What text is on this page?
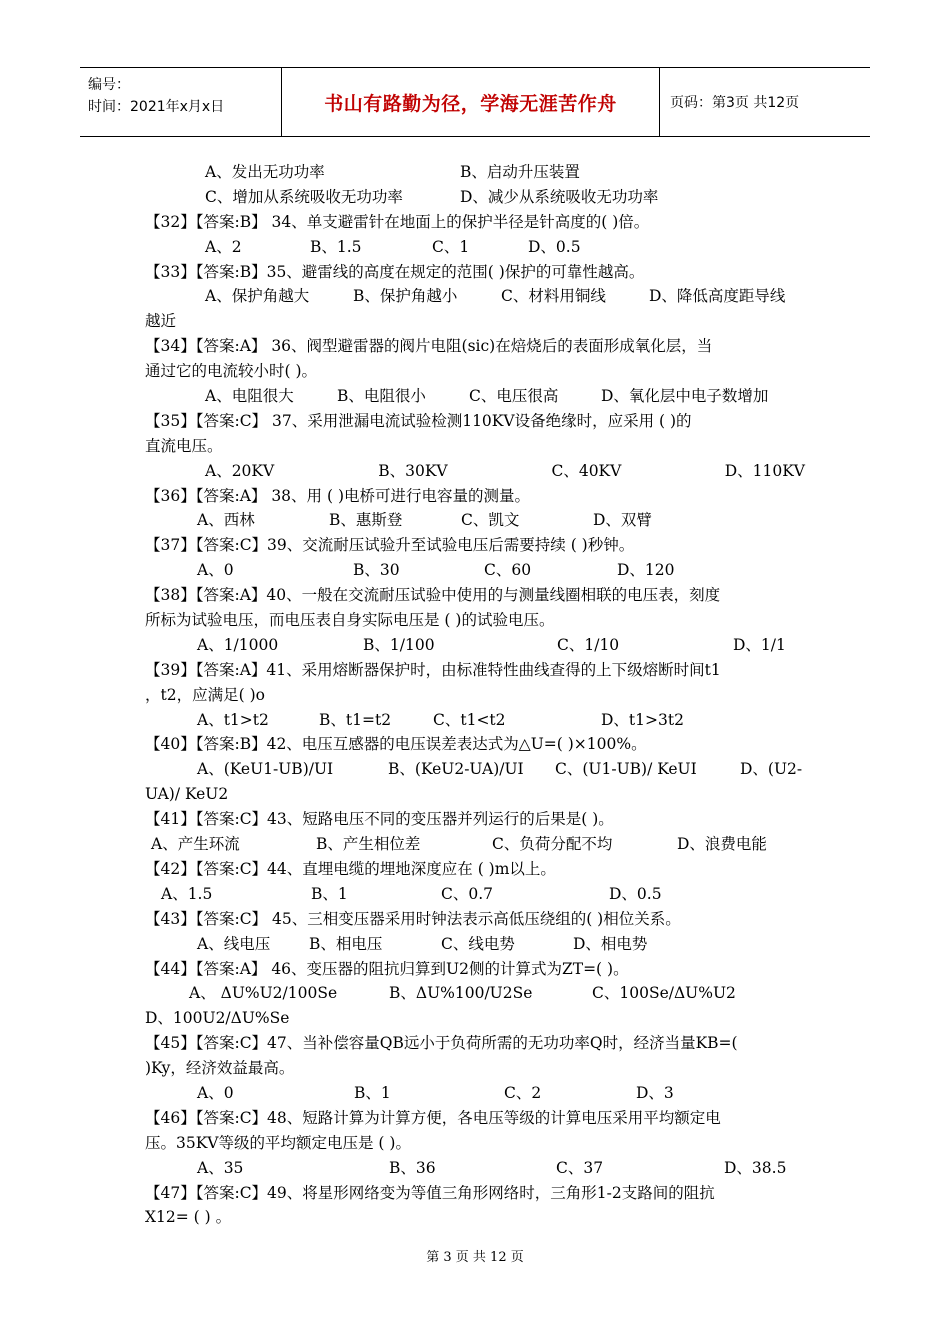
编号：
时间：2021年x月x日	书山有路勤为径，学海无涯苦作舟	页码：第3页 共12页
A、发出无功功率	B、启动升压装置
C、增加从系统吸收无功功率	D、减少从系统吸收无功功率
【32】【答案:B】 34、单支避雷针在地面上的保护半径是针高度的( )倍。
A、2	B、1.5	C、1	D、0.5
【33】【答案:B】35、避雷线的高度在规定的范围( )保护的可靠性越高。
A、保护角越大	B、保护角越小	C、材料用铜线	D、降低高度距导线
越近
【34】【答案:A】 36、阀型避雷器的阀片电阻(sic)在焙烧后的表面形成氧化层，当
通过它的电流较小时( )。
A、电阻很大	B、电阻很小	C、电压很高	D、氧化层中电子数增加
【35】【答案:C】 37、采用泄漏电流试验检测110KV设备绝缘时，应采用 ( )的
直流电压。
A、20KV	B、30KV	C、40KV	D、110KV
【36】【答案:A】 38、用 ( )电桥可进行电容量的测量。
A、西林	B、惠斯登	C、凯文	D、双臂
【37】【答案:C】39、交流耐压试验升至试验电压后需要持续 ( )秒钟。
A、0	B、30	C、60	D、120
【38】【答案:A】40、一般在交流耐压试验中使用的与测量线圈相联的电压表，刻度
所标为试验电压，而电压表自身实际电压是 ( )的试验电压。
A、1/1000	B、1/100	C、1/10	D、1/1
【39】【答案:A】41、采用熔断器保护时，由标准特性曲线查得的上下级熔断时间t1
，t2，应满足( )o
A、t1>t2	B、t1=t2	C、t1<t2	D、t1>3t2
【40】【答案:B】42、电压互感器的电压误差表达式为△U=( )×100%。
A、(KeU1-UB)/UI	B、(KeU2-UA)/UI	C、(U1-UB)/ KeUI	D、(U2-
UA)/ KeU2
【41】【答案:C】43、短路电压不同的变压器并列运行的后果是( )。
A、产生环流	B、产生相位差	C、负荷分配不均	D、浪费电能
【42】【答案:C】44、直埋电缆的埋地深度应在 ( )m以上。
A、1.5	B、1	C、0.7	D、0.5
【43】【答案:C】 45、三相变压器采用时钟法表示高低压绕组的( )相位关系。
A、线电压	B、相电压	C、线电势	D、相电势
【44】【答案:A】 46、变压器的阻抗归算到U2侧的计算式为ZT=( )。
A、 ΔU%U2/100Se	B、ΔU%100/U2Se	C、100Se/ΔU%U2
D、100U2/ΔU%Se
【45】【答案:C】47、当补偿容量QB远小于负荷所需的无功功率Q时，经济当量KB=(
)Ky，经济效益最高。
A、0	B、1	C、2	D、3
【46】【答案:C】48、短路计算为计算方便，各电压等级的计算电压采用平均额定电
压。35KV等级的平均额定电压是 ( )。
A、35	B、36	C、37	D、38.5
【47】【答案:C】49、将星形网络变为等值三角形网络时，三角形1-2支路间的阻抗
X12= ( ) 。
第 3 页 共 12 页
